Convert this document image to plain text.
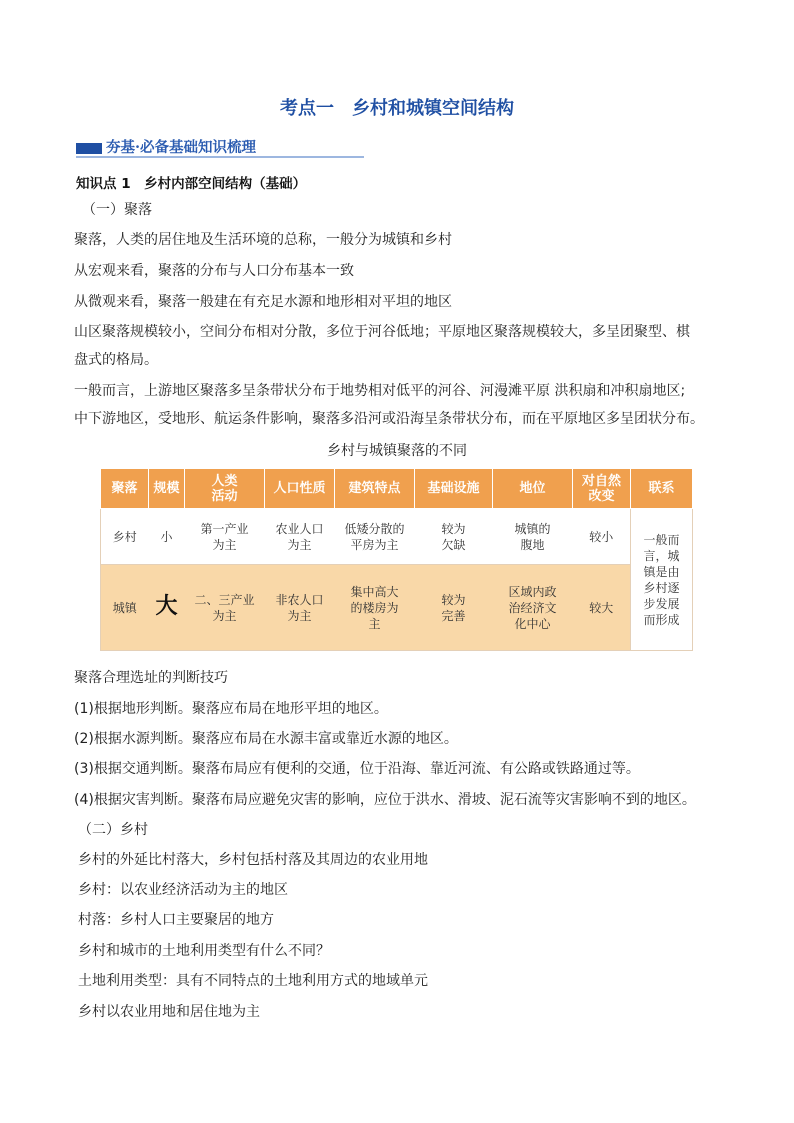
考点一　乡村和城镇空间结构
夯基·必备基础知识梳理
知识点 1　乡村内部空间结构（基础）
（一）聚落
聚落，人类的居住地及生活环境的总称，一般分为城镇和乡村
从宏观来看，聚落的分布与人口分布基本一致
从微观来看，聚落一般建在有充足水源和地形相对平坦的地区
山区聚落规模较小，空间分布相对分散，多位于河谷低地；平原地区聚落规模较大，多呈团聚型、棋
盘式的格局。
一般而言，上游地区聚落多呈条带状分布于地势相对低平的河谷、河漫滩平原 洪积扇和冲积扇地区;
中下游地区，受地形、航运条件影响，聚落多沿河或沿海呈条带状分布，而在平原地区多呈团状分布。
乡村与城镇聚落的不同
聚落	规模	人类活动	人口性质	建筑特点	基础设施	地位	对自然改变	联系
乡村	小	第一产业为主	农业人口为主	低矮分散的平房为主	较为欠缺	城镇的腹地	较小	一般而言，城镇是由乡村逐步发展而形成

城镇	大	二、三产业为主	非农人口为主	集中高大的楼房为主	较为完善	区域内政治经济文化中心	较大	
聚落合理选址的判断技巧
(1)根据地形判断。聚落应布局在地形平坦的地区。
(2)根据水源判断。聚落应布局在水源丰富或靠近水源的地区。
(3)根据交通判断。聚落布局应有便利的交通，位于沿海、靠近河流、有公路或铁路通过等。
(4)根据灾害判断。聚落布局应避免灾害的影响，应位于洪水、滑坡、泥石流等灾害影响不到的地区。
（二）乡村
乡村的外延比村落大，乡村包括村落及其周边的农业用地
乡村：以农业经济活动为主的地区
村落：乡村人口主要聚居的地方
乡村和城市的土地利用类型有什么不同？
土地利用类型：具有不同特点的土地利用方式的地域单元
乡村以农业用地和居住地为主
